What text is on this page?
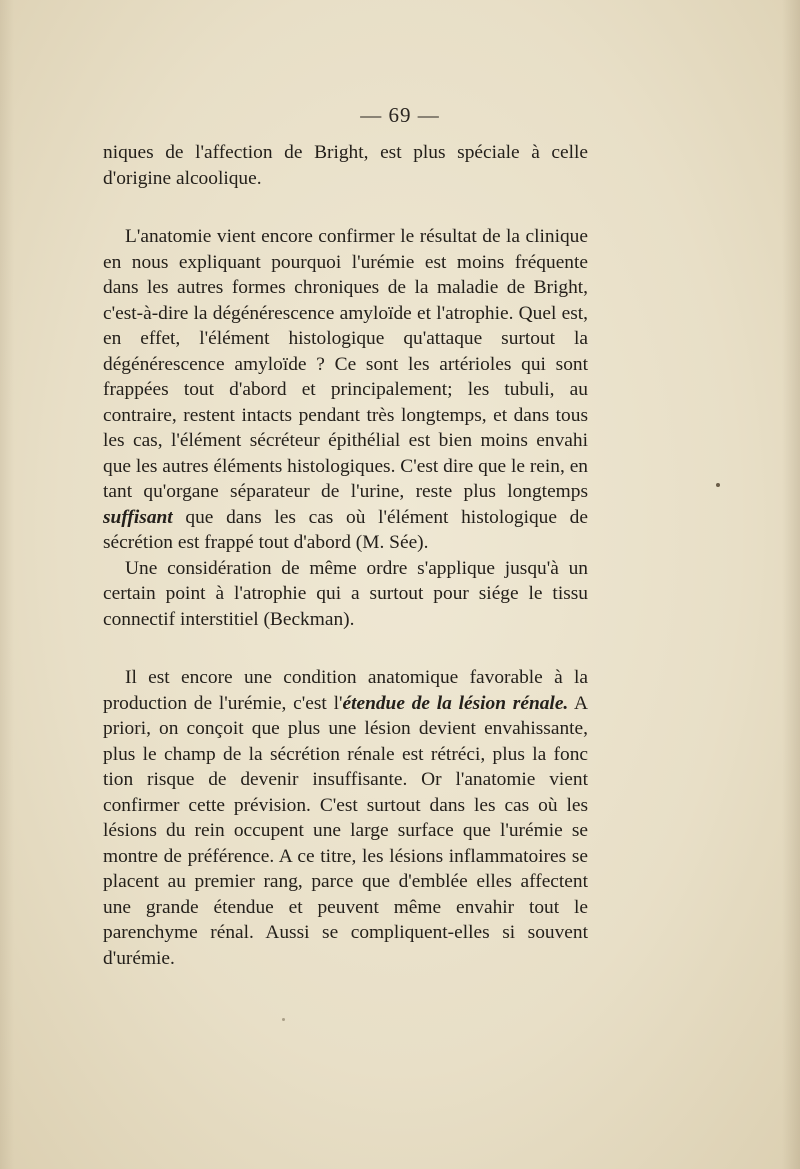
— 69 —

niques de l'affection de Bright, est plus spéciale à celle d'origine alcoolique.

L'anatomie vient encore confirmer le résultat de la clinique en nous expliquant pourquoi l'urémie est moins fréquente dans les autres formes chroniques de la maladie de Bright, c'est-à-dire la dégénérescence amyloïde et l'atrophie. Quel est, en effet, l'élément histologique qu'attaque surtout la dégénérescence amyloïde ? Ce sont les artérioles qui sont frappées tout d'abord et principalement; les tubuli, au contraire, restent intacts pendant très longtemps, et dans tous les cas, l'élément sécréteur épithélial est bien moins envahi que les autres éléments histologiques. C'est dire que le rein, en tant qu'organe séparateur de l'urine, reste plus longtemps suffisant que dans les cas où l'élément histologique de sécrétion est frappé tout d'abord (M. Sée).

Une considération de même ordre s'applique jusqu'à un certain point à l'atrophie qui a surtout pour siége le tissu connectif interstitiel (Beckman).

Il est encore une condition anatomique favorable à la production de l'urémie, c'est l'étendue de la lésion rénale. A priori, on conçoit que plus une lésion devient envahissante, plus le champ de la sécrétion rénale est rétréci, plus la fonc tion risque de devenir insuffisante. Or l'anatomie vient confirmer cette prévision. C'est surtout dans les cas où les lésions du rein occupent une large surface que l'urémie se montre de préférence. A ce titre, les lésions inflammatoires se placent au premier rang, parce que d'emblée elles affectent une grande étendue et peuvent même envahir tout le parenchyme rénal. Aussi se compliquent-elles si souvent d'urémie.
